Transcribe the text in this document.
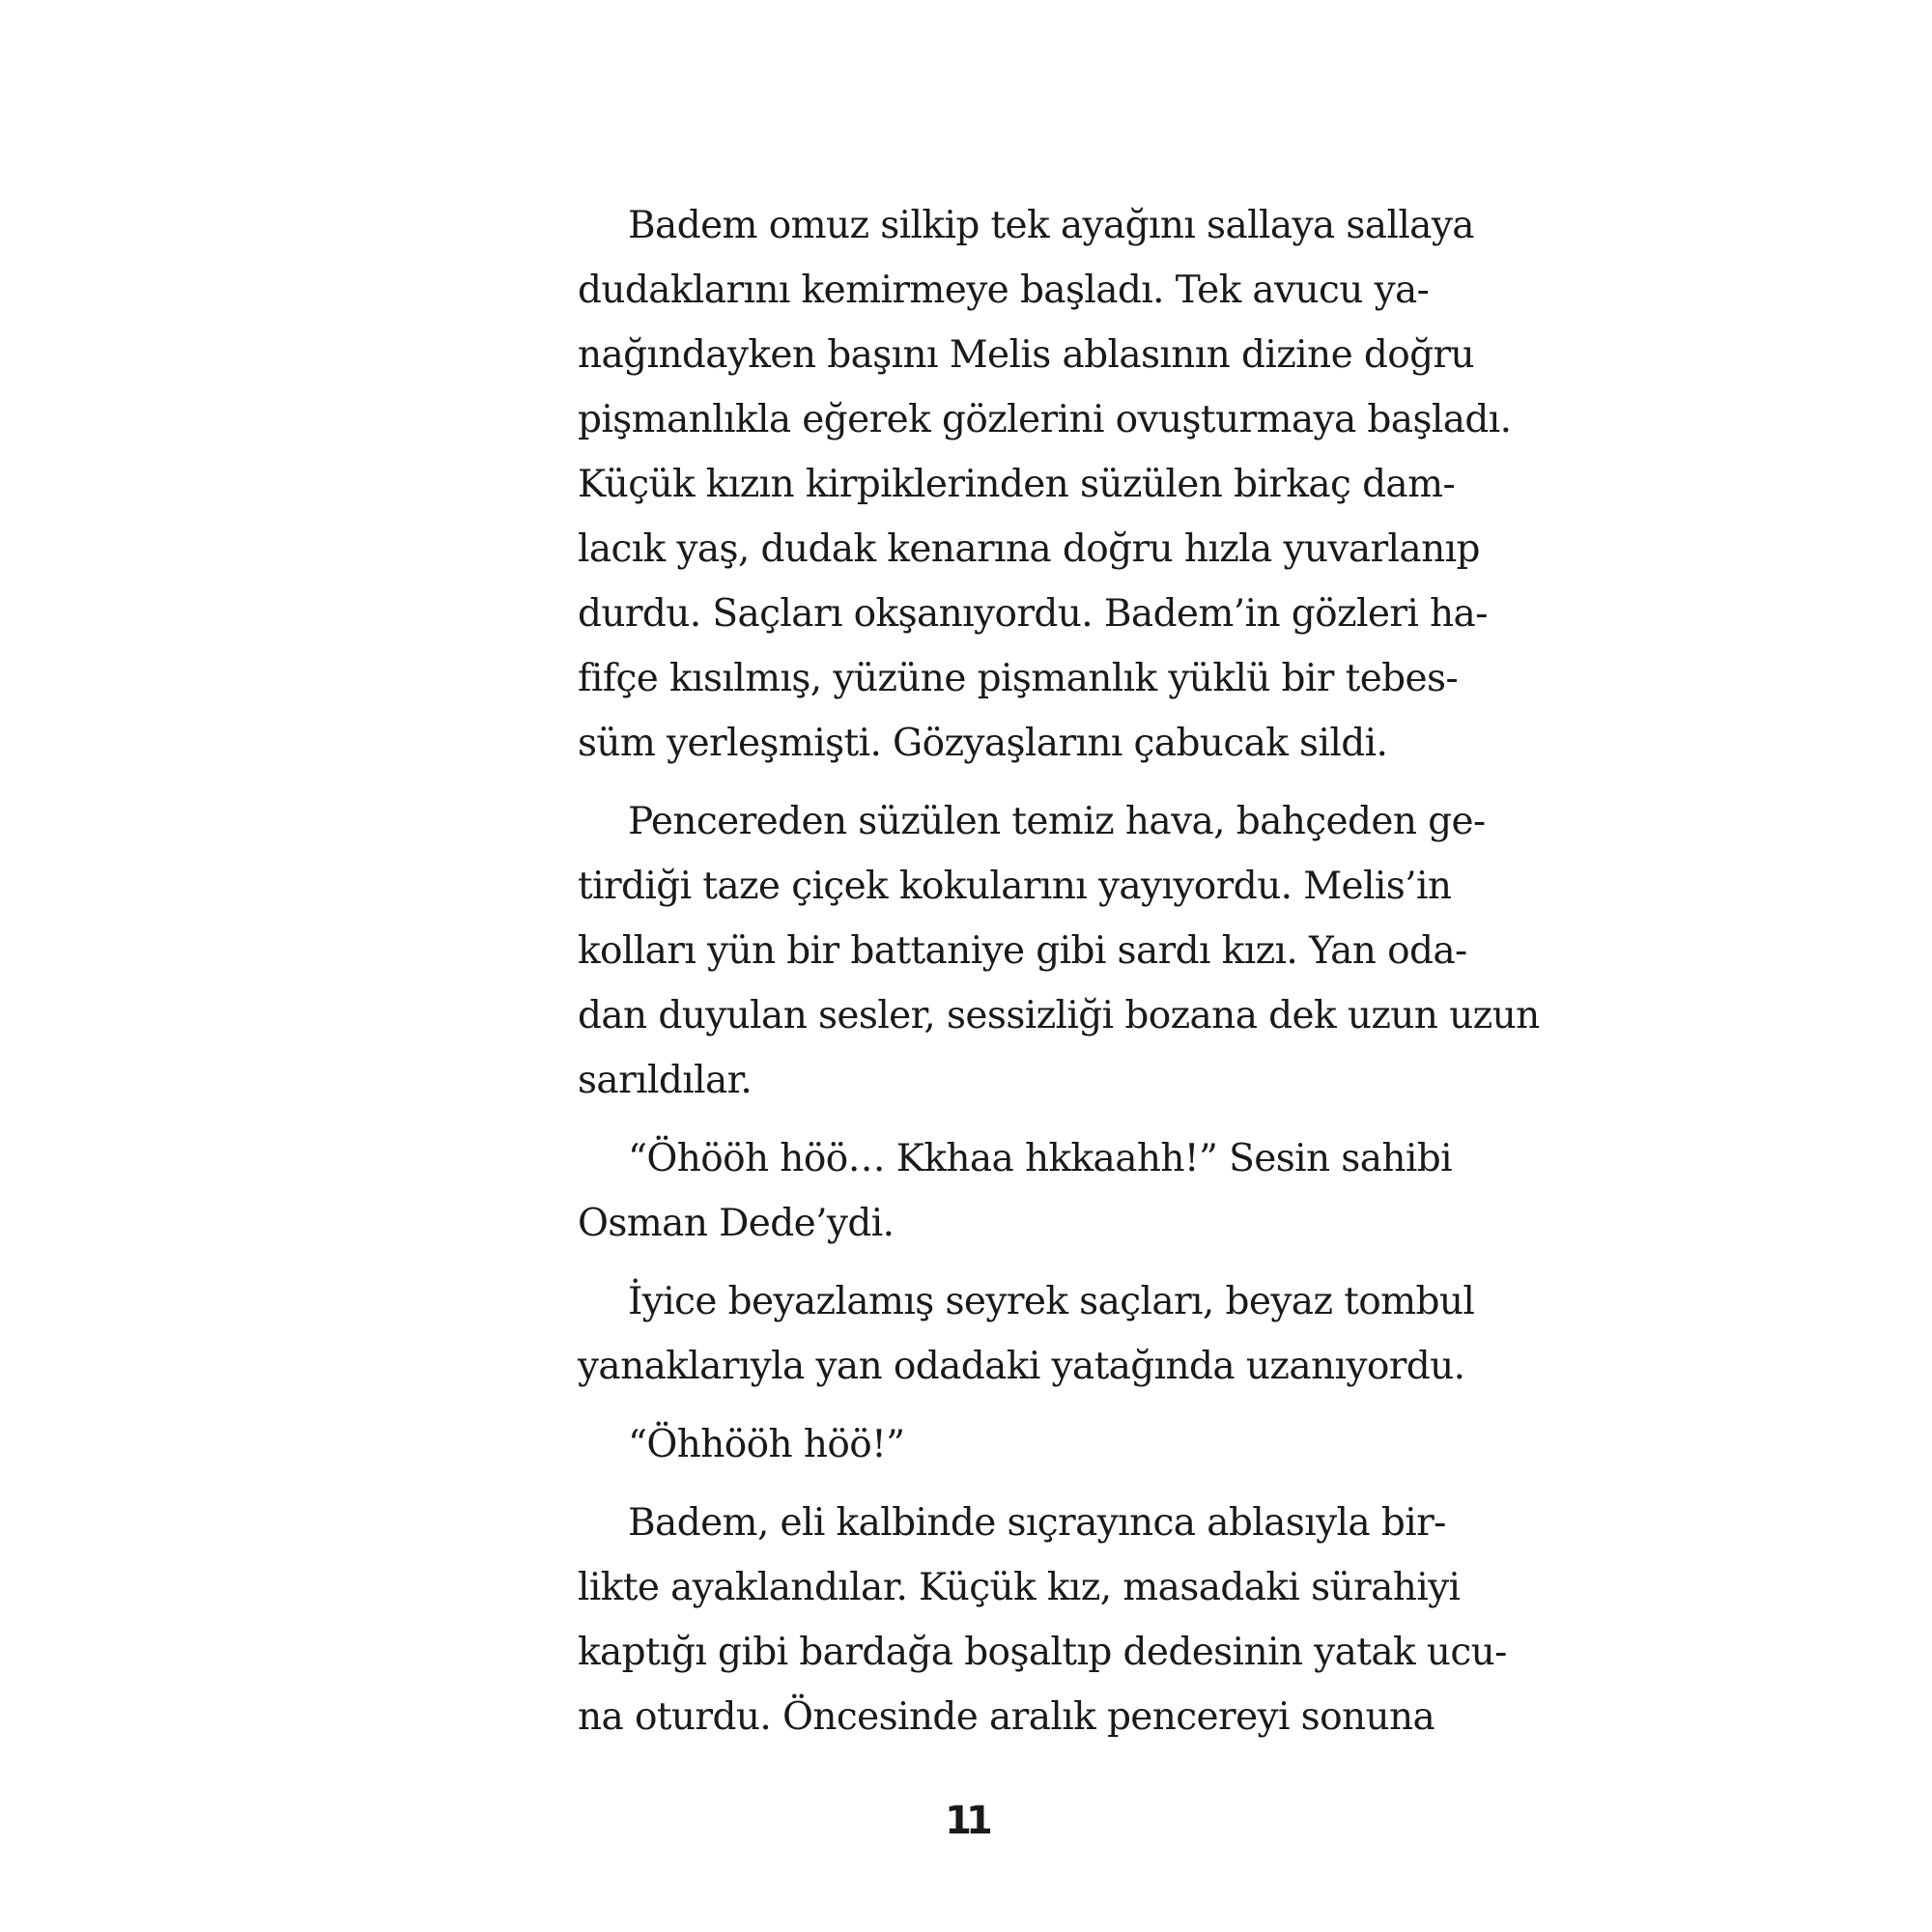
Badem omuz silkip tek ayağını sallaya sallaya
dudaklarını kemirmeye başladı. Tek avucu ya-
nağındayken başını Melis ablasının dizine doğru
pişmanlıkla eğerek gözlerini ovuşturmaya başladı.
Küçük kızın kirpiklerinden süzülen birkaç dam-
lacık yaş, dudak kenarına doğru hızla yuvarlanıp
durdu. Saçları okşanıyordu. Badem’in gözleri ha-
fifçe kısılmış, yüzüne pişmanlık yüklü bir tebes-
süm yerleşmişti. Gözyaşlarını çabucak sildi.
Pencereden süzülen temiz hava, bahçeden ge-
tirdiği taze çiçek kokularını yayıyordu. Melis’in
kolları yün bir battaniye gibi sardı kızı. Yan oda-
dan duyulan sesler, sessizliği bozana dek uzun uzun
sarıldılar.
“Öhööh höö… Kkhaa hkkaahh!” Sesin sahibi
Osman Dede’ydi.
İyice beyazlamış seyrek saçları, beyaz tombul
yanaklarıyla yan odadaki yatağında uzanıyordu.
“Öhhööh höö!”
Badem, eli kalbinde sıçrayınca ablasıyla bir-
likte ayaklandılar. Küçük kız, masadaki sürahiyi
kaptığı gibi bardağa boşaltıp dedesinin yatak ucu-
na oturdu. Öncesinde aralık pencereyi sonuna
11
